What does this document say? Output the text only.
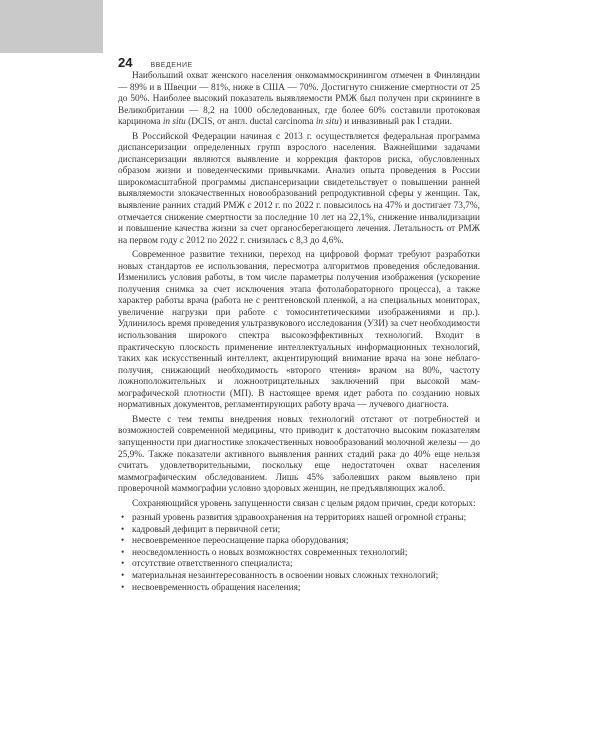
24	ВВЕДЕНИЕ

Наибольший охват женского населения онкомаммоскринингом отмечен в Финляндии — 89% и в Швеции — 81%, ниже в США — 70%. Достигнуто снижение смертности от 25 до 50%. Наиболее высокий показатель выявляемости РМЖ был получен при скрининге в Великобритании — 8,2 на 1000 обследованных, где более 60% составили протоковая карцинома in situ (DCIS, от англ. ductal carcinoma in situ) и инвазивный рак I стадии.

В Российской Федерации начиная с 2013 г. осуществляется федеральная программа диспансеризации определенных групп взрослого населения. Важнейшими задачами диспансеризации являются выявление и коррекция факторов риска, обусловленных образом жизни и поведенческими привычками. Анализ опыта проведения в России широкомасштабной программы диспансеризации свидетельствует о повышении ранней выявляемости злокачественных новообразований репродуктивной сферы у женщин. Так, выявление ранних стадий РМЖ с 2012 г. по 2022 г. повысилось на 47% и достигает 73,7%, отмечается снижение смертности за последние 10 лет на 22,1%, снижение инвалидизации и повышение качества жизни за счет органосберегающего лечения. Летальность от РМЖ на первом году с 2012 по 2022 г. снизилась с 8,3 до 4,6%.

Современное развитие техники, переход на цифровой формат требуют разработки новых стандартов ее использования, пересмотра алгоритмов проведения обследования. Изменились условия работы, в том числе параметры получения изображения (ускорение получения снимка за счет исключения этапа фотолабораторного процесса), а также характер работы врача (работа не с рентгеновской пленкой, а на специальных мониторах, увеличение нагрузки при работе с томосинтетическими изображениями и пр.). Удлинилось время проведения ультразвукового исследования (УЗИ) за счет необходимости использования широкого спектра высокоэффективных технологий. Входит в практическую плоскость применение интеллектуальных информационных технологий, таких как искусственный интеллект, акцентирующий внимание врача на зоне неблагополучия, снижающий необходимость «второго чтения» врачом на 80%, частоту ложноположительных и ложноотрицательных заключений при высокой маммографической плотности (МП). В настоящее время идет работа по созданию новых нормативных документов, регламентирующих работу врача — лучевого диагноста.

Вместе с тем темпы внедрения новых технологий отстают от потребностей и возможностей современной медицины, что приводит к достаточно высоким показателям запущенности при диагностике злокачественных новообразований молочной железы — до 25,9%. Также показатели активного выявления ранних стадий рака до 40% еще нельзя считать удовлетворительными, поскольку еще недостаточен охват населения маммографическим обследованием. Лишь 45% заболевших раком выявлено при проверочной маммографии условно здоровых женщин, не предъявляющих жалоб.

Сохраняющийся уровень запущенности связан с целым рядом причин, среди которых:

• разный уровень развития здравоохранения на территориях нашей огромной страны;
• кадровый дефицит в первичной сети;
• несвоевременное переоснащение парка оборудования;
• неосведомленность о новых возможностях современных технологий;
• отсутствие ответственного специалиста;
• материальная незаинтересованность в освоении новых сложных технологий;
• несвоевременность обращения населения;
